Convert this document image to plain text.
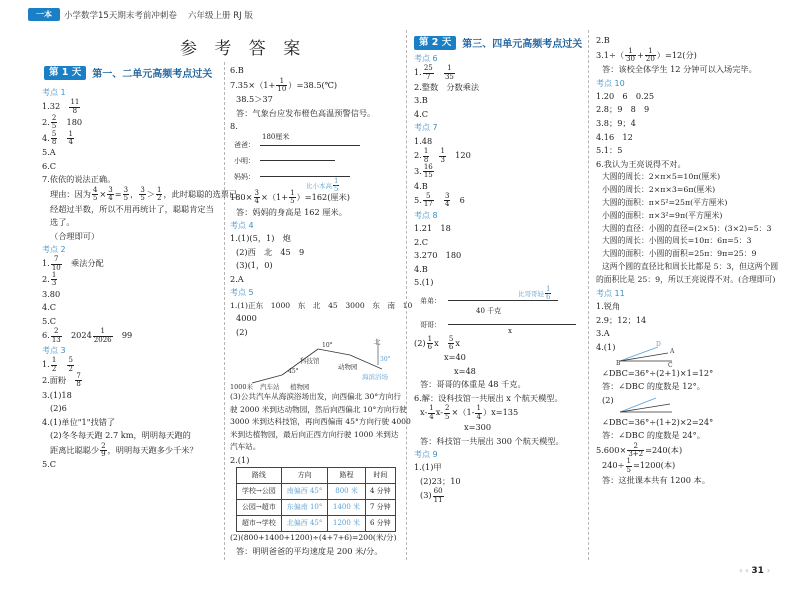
一本	小学数学15天期末考前冲刺卷 六年级上册 RJ 版
参 考 答 案
第 1 天	第一、二单元高频考点过关
考点 1
1.32　 $\frac{11}{8}$
2. $\frac{2}{5}$
　 180
4. $\frac{5}{8}$
　 $\frac{1}{4}$
5.A
6.C
7.依依的说法正确。
理由：因为 $\frac{4}{5} \times \frac{3}{4} = \frac{3}{5}$ ， $\frac{3}{5} > \frac{1}{2}$ ，此时聪聪的选票已
经超过半数，所以不用再统计了，聪聪肯定当选了。
（合理即可）
考点 2
1. $\frac{7}{10}$
　 乘法分配
2. $\frac{1}{3}$
3.80
4.C
5.C
6. $\frac{2}{13}$
　 $2024 \frac{1}{2026}$
　 99
考点 3
1. $\frac{1}{2}$
　 $\frac{5}{2}$
2.面粉　 $\frac{7}{8}$
3.(1)18
(2)6
4.(1)单位"1"找错了
(2)冬冬每天跑 2.7 km，明明每天跑的
距离比聪聪少 $\frac{2}{9}$ ，明明每天跑多少千米？
5.C
6.B
$7.35\times(1+ \frac{1}{10}$ ）=38.5(℃)
38.5＞37
答：气象台应发布橙色高温预警信号。
8.
180厘米
爸爸：
小明：
妈妈：
比小本高 $\frac{1}{5}$
$180\times \frac{3}{4} \times(1+ \frac{1}{5} )=162$(厘米)
答：妈妈的身高是 162 厘米。
考点 4
1.(1)(5，1)　炮
(2)西　北　45　9
(3)(1，0)
2.A
考点 5
1.(1)正东　1000　东　北　45　3000　东　南　10
4000
(2)
北
10°
30°
45°
科技馆
动物园
海滨浴场
汽车站 植物园
1000米
(3)公共汽车从海滨浴场出发，向西偏北 30°方向行
驶 2000 米到达动物园，然后向西偏北 10°方向行驶
3000 米到达科技馆，再向西偏南 45°方向行驶 4000
米到达植物园，最后向正西方向行驶 1000 米到达
汽车站。
2.(1)
路线	方向	路程	时间
学校→公园	南偏西 45°	800 米	4 分钟
公园→超市	东偏南 10°	1400 米	7 分钟
超市→学校	北偏西 45°	1200 米	6 分钟
(2)(800+1400+1200)÷(4+7+6)=200(米/分)
答：明明爸爸的平均速度是 200 米/分。
第 2 天	第三、四单元高频考点过关
考点 6
1. $\frac{25}{7}$
　 $\frac{1}{35}$
2.整数　分数乘法
3.B
4.C
考点 7
1.48
2. $\frac{1}{8}$
　 $\frac{1}{3}$
　 120
3. $\frac{16}{15}$
4.B
5. $\frac{5}{17}$
　 $\frac{3}{4}$
　 6
考点 8
1.21　18
2.C
3.270　180
4.B
5.(1)
比哥哥轻 $\frac{1}{6}$
弟弟：
40 千克
哥哥：
x
$(2) \frac{1}{6}$ x　 $\frac{5}{6}$ x
x=40
x=48
答：哥哥的体重是 48 千克。
6.解：设科技馆一共展出 x 个航天模型。
$x- \frac{1}{4} x- \frac{2}{5} \times(1- \frac{1}{4} )x=135$
x=300
答：科技馆一共展出 300 个航天模型。
考点 9
1.(1)甲
(2)23；10
$(3) \frac{60}{11}$
2.B
$3.1\div( \frac{1}{30} + \frac{1}{20} )=12$(分)
答：该校全体学生 12 分钟可以入场完毕。
考点 10
1.20　6　0.25
2.8；9　8　9
3.8；9；4
4.16　12
5.1：5
6.我认为王亮说得不对。
大圆的周长：2×π×5=10π(厘米)
小圆的周长：2×π×3=6π(厘米)
大圆的面积：π×5²=25π(平方厘米)
小圆的面积：π×3²=9π(平方厘米)
大圆的直径：小圆的直径=(2×5)：(3×2)=5：3
大圆的周长：小圆的周长=10π：6π=5：3
大圆的面积：小圆的面积=25π：9π=25：9
这两个圆的直径比和周长比都是 5：3，但这两个圆
的面积比是 25：9，所以王亮说得不对。(合理即可)
考点 11
1.锐角
2.9；12；14
3.A
4.(1)
B	C
D
A
∠DBC=36°÷(2+1)×1=12°
答：∠DBC 的度数是 12°。
(2)
∠DBC=36°÷(1+2)×2=24°
答：∠DBC 的度数是 24°。
$5.600\times \frac{2}{3+2} =240$(本)
$240\div \frac{1}{5} =1200$(本)
答：这批课本共有 1200 本。
‹ ‹ 31 ›
